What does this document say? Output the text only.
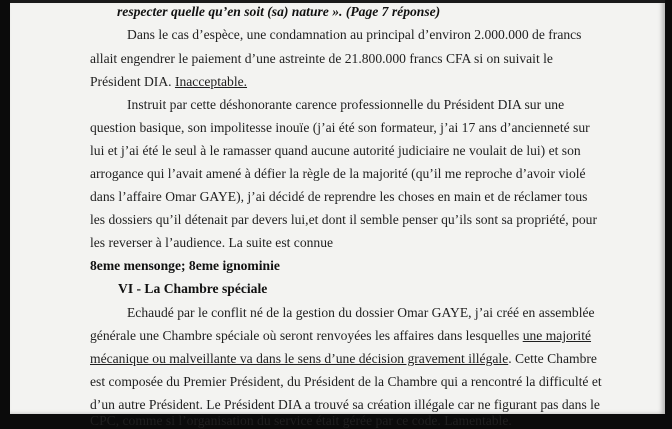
respecter quelle qu’en soit (sa) nature ». (Page 7 réponse)
Dans le cas d’espèce, une condamnation au principal d’environ 2.000.000 de francs
allait engendrer le paiement d’une astreinte de 21.800.000 francs CFA si on suivait le
Président DIA. Inacceptable.
Instruit par cette déshonorante carence professionnelle du Président DIA sur une
question basique, son impolitesse inouïe (j’ai été son formateur, j’ai 17 ans d’ancienneté sur
lui et j’ai été le seul à le ramasser quand aucune autorité judiciaire ne voulait de lui) et son
arrogance qui l’avait amené à défier la règle de la majorité (qu’il me reproche d’avoir violé
dans l’affaire Omar GAYE), j’ai décidé de reprendre les choses en main et de réclamer tous
les dossiers qu’il détenait par devers lui,et dont il semble penser qu’ils sont sa propriété, pour
les reverser à l’audience. La suite est connue
8eme mensonge; 8eme ignominie
VI - La Chambre spéciale
Echaudé par le conflit né de la gestion du dossier Omar GAYE, j’ai créé en assemblée
générale une Chambre spéciale où seront renvoyées les affaires dans lesquelles une majorité
mécanique ou malveillante va dans le sens d’une décision gravement illégale. Cette Chambre
est composée du Premier Président, du Président de la Chambre qui a rencontré la difficulté et
d’un autre Président. Le Président DIA a trouvé sa création illégale car ne figurant pas dans le
CPC, comme si l’organisation du service était gérée par ce code. Lamentable.
